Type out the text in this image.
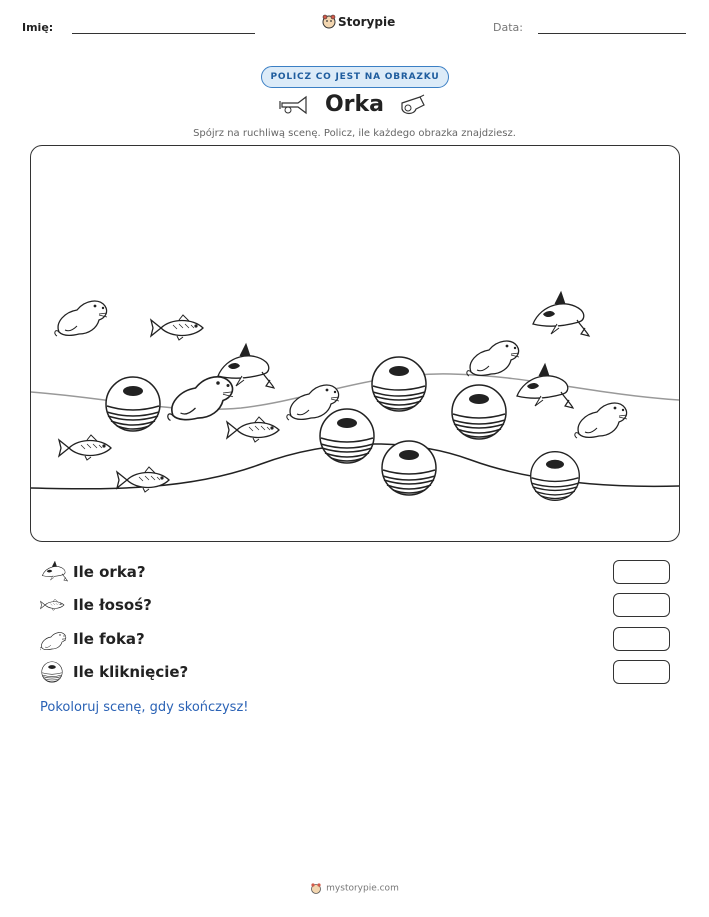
Imię:	Storypie	Data:
POLICZ CO JEST NA OBRAZKU
Orka
Spójrz na ruchliwą scenę. Policz, ile każdego obrazka znajdziesz.
Ile orka?
Ile łosoś?
Ile foka?
Ile kliknięcie?
Pokoloruj scenę, gdy skończysz!
mystorypie.com
